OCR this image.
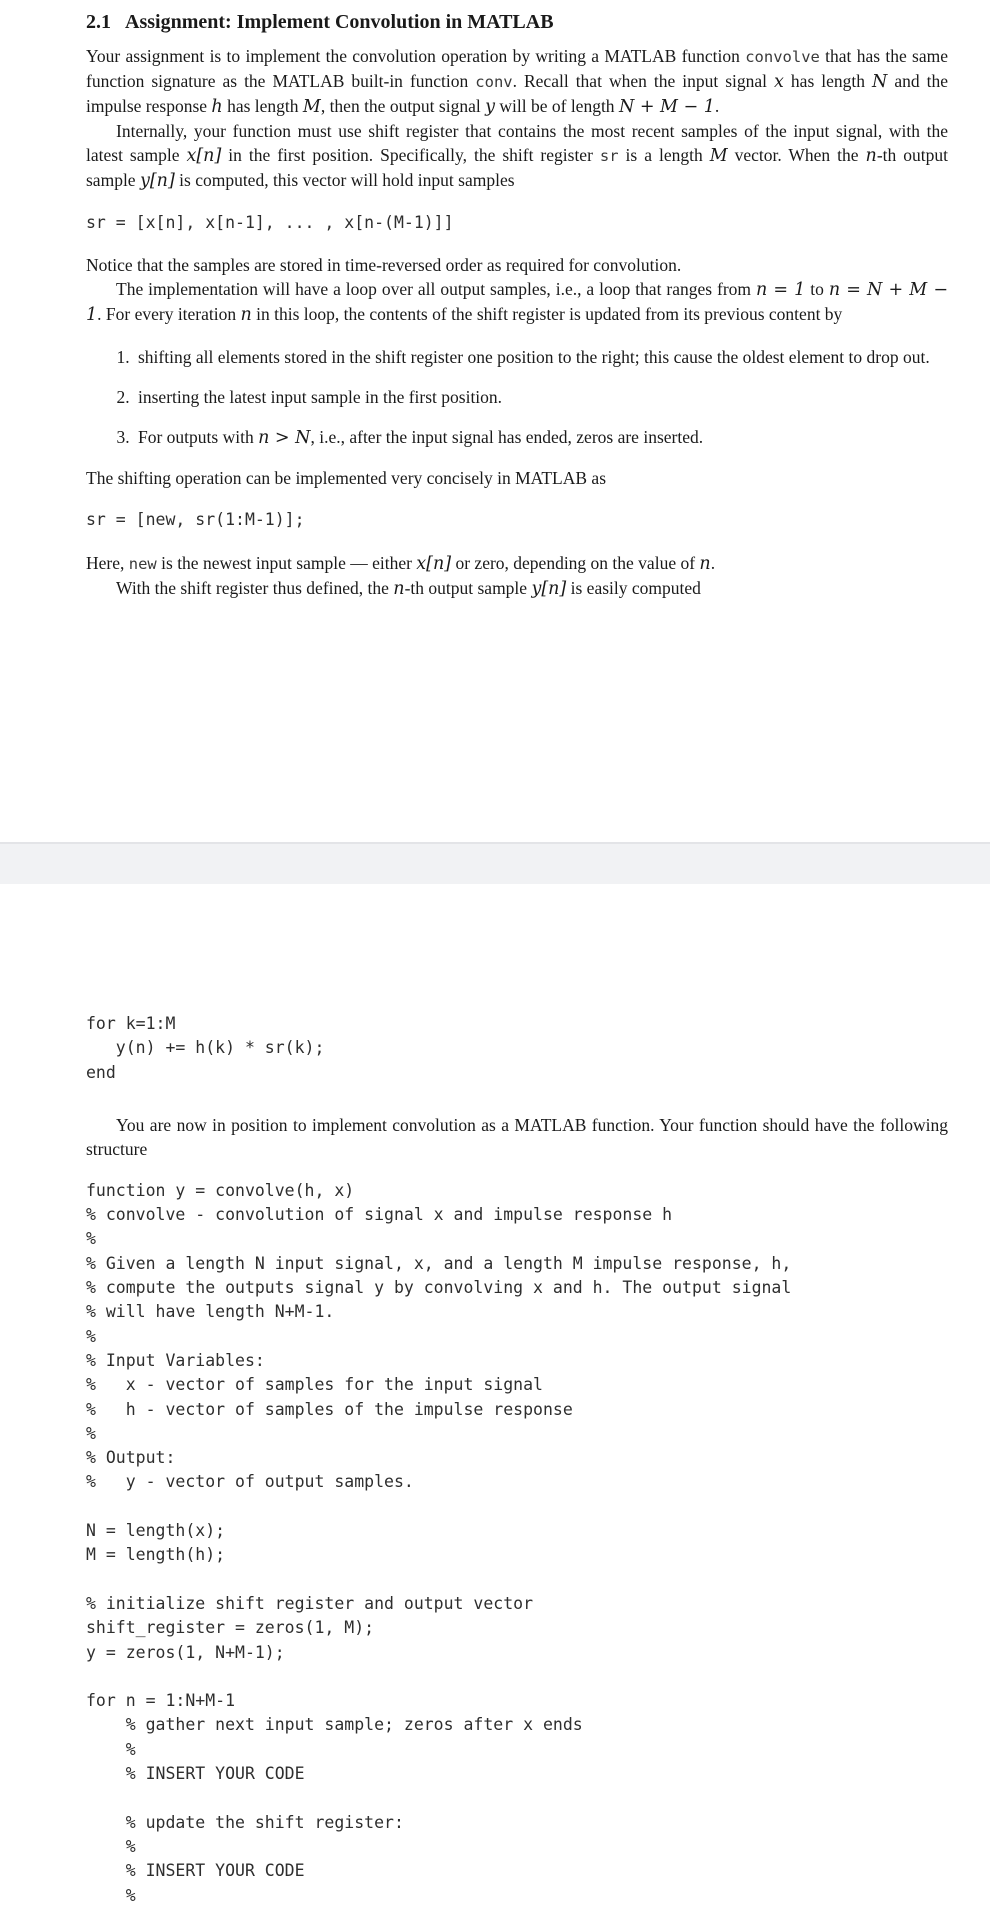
2.1 Assignment: Implement Convolution in MATLAB

Your assignment is to implement the convolution operation by writing a MATLAB function convolve that has the same function signature as the MATLAB built-in function conv. Recall that when the input signal x has length N and the impulse response h has length M, then the output signal y will be of length N + M − 1.

Internally, your function must use shift register that contains the most recent samples of the input signal, with the latest sample x[n] in the first position. Specifically, the shift register sr is a length M vector. When the n-th output sample y[n] is computed, this vector will hold input samples

sr = [x[n], x[n-1], ... , x[n-(M-1)]]

Notice that the samples are stored in time-reversed order as required for convolution.

The implementation will have a loop over all output samples, i.e., a loop that ranges from n = 1 to n = N + M − 1. For every iteration n in this loop, the contents of the shift register is updated from its previous content by

1. shifting all elements stored in the shift register one position to the right; this cause the oldest element to drop out.
2. inserting the latest input sample in the first position.
3. For outputs with n > N, i.e., after the input signal has ended, zeros are inserted.

The shifting operation can be implemented very concisely in MATLAB as

sr = [new, sr(1:M-1)];

Here, new is the newest input sample — either x[n] or zero, depending on the value of n.

With the shift register thus defined, the n-th output sample y[n] is easily computed

for k=1:M
y(n) += h(k) * sr(k);
end

You are now in position to implement convolution as a MATLAB function. Your function should have the following structure

function y = convolve(h, x)
% convolve - convolution of signal x and impulse response h
%
% Given a length N input signal, x, and a length M impulse response, h,
% compute the outputs signal y by convolving x and h. The output signal
% will have length N+M-1.
%
% Input Variables:
%   x - vector of samples for the input signal
%   h - vector of samples of the impulse response
%
% Output:
%   y - vector of output samples.
N = length(x);
M = length(h);
% initialize shift register and output vector
shift_register = zeros(1, M);
y = zeros(1, N+M-1);
for n = 1:N+M-1
% gather next input sample; zeros after x ends
%
% INSERT YOUR CODE
% update the shift register:
%
% INSERT YOUR CODE
%
